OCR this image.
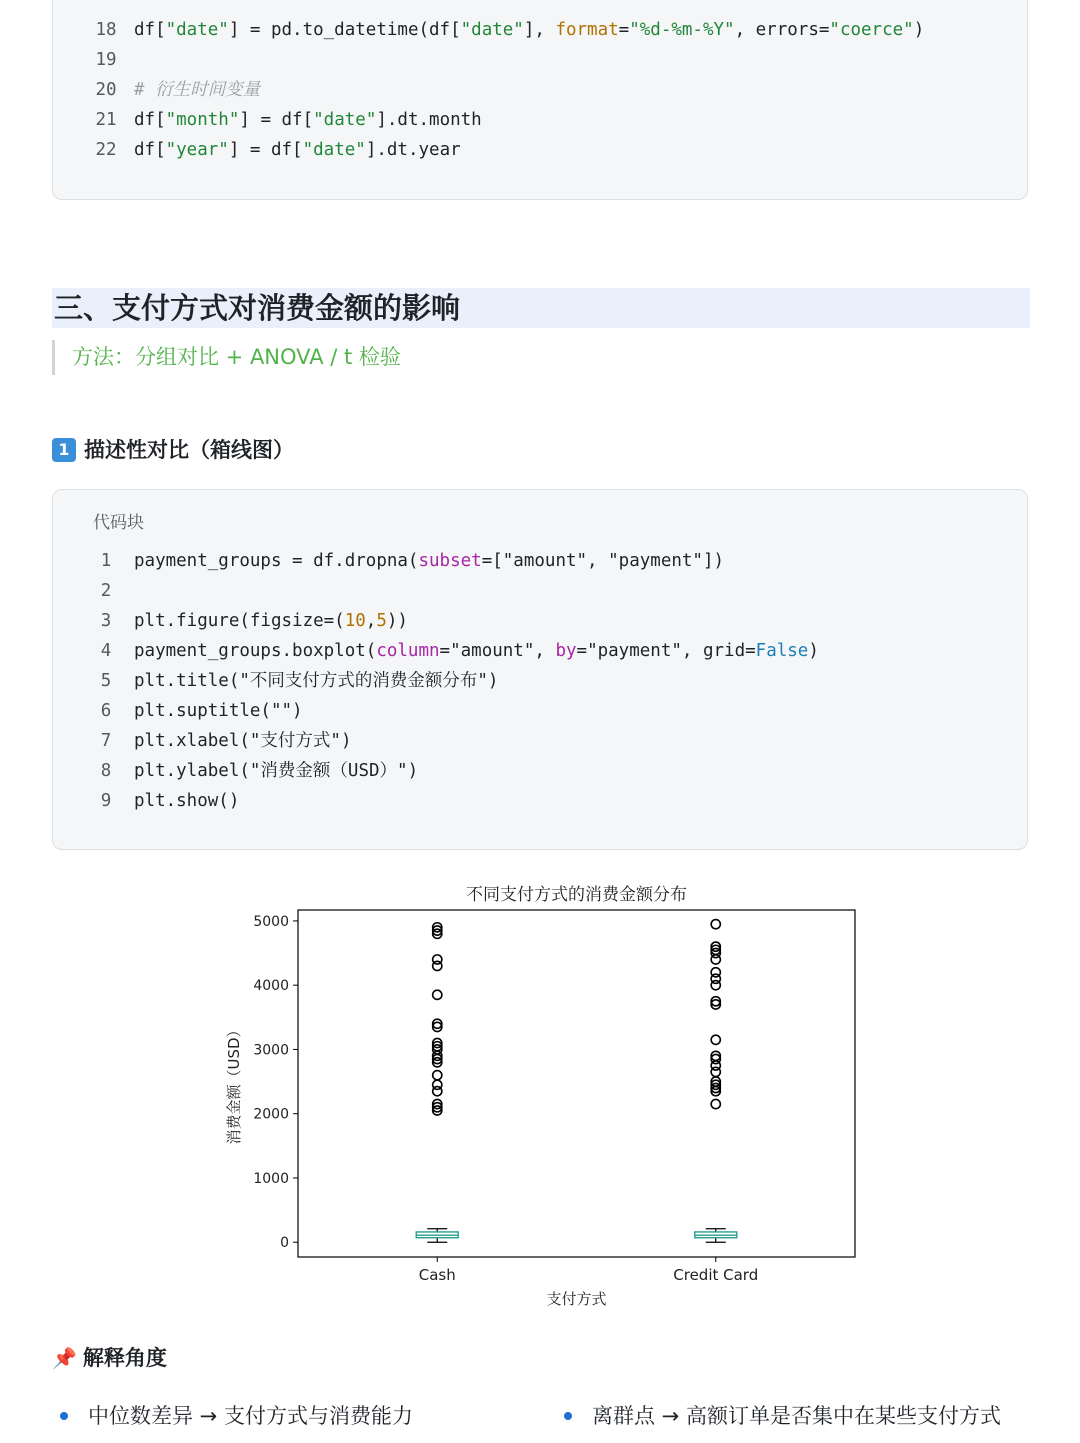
18 df["date"] = pd.to_datetime(df["date"], format="%d-%m-%Y", errors="coerce")
19
20 # 衍生时间变量
21 df["month"] = df["date"].dt.month
22 df["year"] = df["date"].dt.year
三、支付方式对消费金额的影响
方法：分组对比 + ANOVA / t 检验
1 描述性对比（箱线图）
代码块
1	payment_groups = df.dropna(subset=["amount", "payment"])
2
3	plt.figure(figsize=(10,5))
4	payment_groups.boxplot(column="amount", by="payment", grid=False)
5	plt.title("不同支付方式的消费金额分布")
6	plt.suptitle("")
7	plt.xlabel("支付方式")
8	plt.ylabel("消费金额（USD）")
9	plt.show()
不同支付方式的消费金额分布
0
1000
2000
3000
4000
5000
Cash	Credit Card
支付方式
消费金额（USD）
📌 解释角度
中位数差异 → 支付方式与消费能力	离群点 → 高额订单是否集中在某些支付方式
